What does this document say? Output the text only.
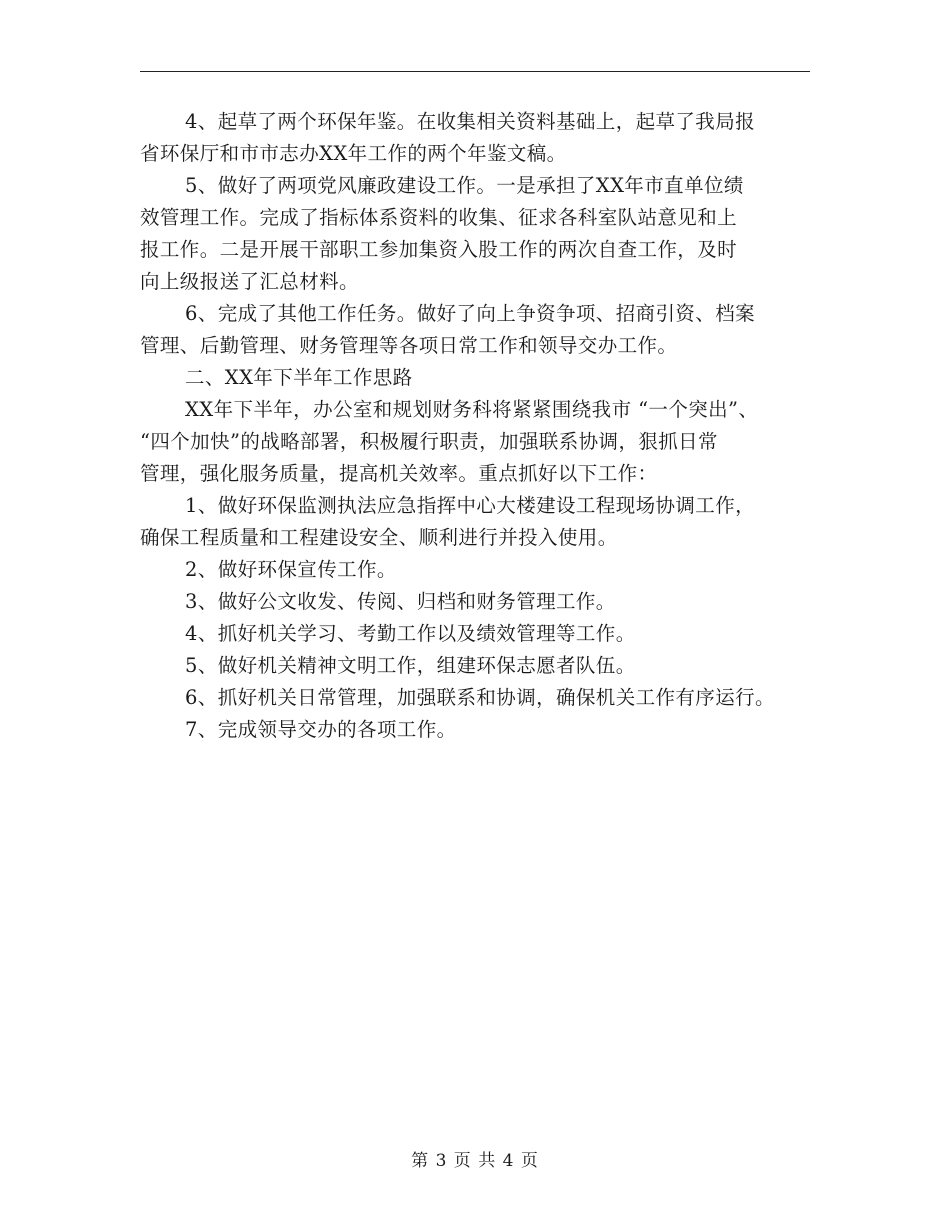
4、起草了两个环保年鉴。在收集相关资料基础上，起草了我局报
省环保厅和市市志办XX年工作的两个年鉴文稿。
5、做好了两项党风廉政建设工作。一是承担了XX年市直单位绩
效管理工作。完成了指标体系资料的收集、征求各科室队站意见和上
报工作。二是开展干部职工参加集资入股工作的两次自查工作，及时
向上级报送了汇总材料。
6、完成了其他工作任务。做好了向上争资争项、招商引资、档案
管理、后勤管理、财务管理等各项日常工作和领导交办工作。
二、XX年下半年工作思路
XX年下半年，办公室和规划财务科将紧紧围绕我市 “一个突出”、
“四个加快”的战略部署，积极履行职责，加强联系协调，狠抓日常
管理，强化服务质量，提高机关效率。重点抓好以下工作：
1、做好环保监测执法应急指挥中心大楼建设工程现场协调工作，
确保工程质量和工程建设安全、顺利进行并投入使用。
2、做好环保宣传工作。
3、做好公文收发、传阅、归档和财务管理工作。
4、抓好机关学习、考勤工作以及绩效管理等工作。
5、做好机关精神文明工作，组建环保志愿者队伍。
6、抓好机关日常管理，加强联系和协调，确保机关工作有序运行。
7、完成领导交办的各项工作。
第 3 页 共 4 页
